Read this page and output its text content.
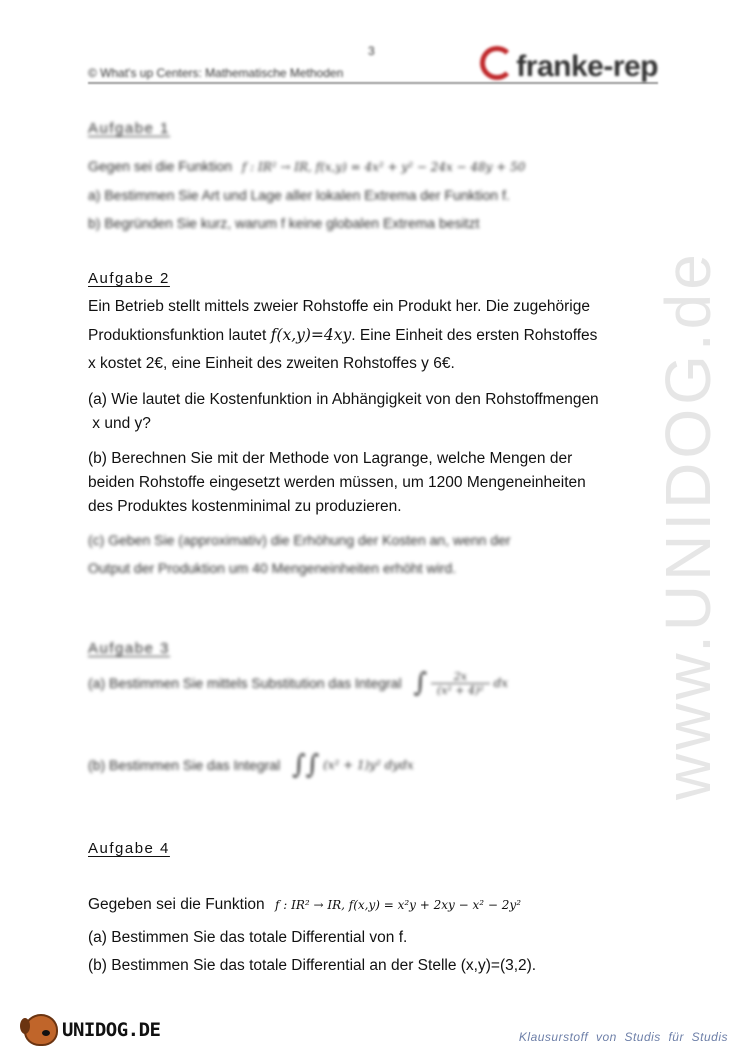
3
© What's up Centers: Mathematische Methoden	franke-rep
www.UNIDOG.de
Aufgabe 1
Gegen sei die Funktion f : IR² → IR, f(x,y) = 4x² + y² − 24x − 48y + 50
a) Bestimmen Sie Art und Lage aller lokalen Extrema der Funktion f.
b) Begründen Sie kurz, warum f keine globalen Extrema besitzt
Aufgabe 2
Ein Betrieb stellt mittels zweier Rohstoffe ein Produkt her. Die zugehörige
Produktionsfunktion lautet f(x,y)=4xy. Eine Einheit des ersten Rohstoffes
x kostet 2€, eine Einheit des zweiten Rohstoffes y 6€.
(a) Wie lautet die Kostenfunktion in Abhängigkeit von den Rohstoffmengen
x und y?
(b) Berechnen Sie mit der Methode von Lagrange, welche Mengen der
beiden Rohstoffe eingesetzt werden müssen, um 1200 Mengeneinheiten
des Produktes kostenminimal zu produzieren.
(c) Geben Sie (approximativ) die Erhöhung der Kosten an, wenn der
Output der Produktion um 40 Mengeneinheiten erhöht wird.
Aufgabe 3
(a) Bestimmen Sie mittels Substitution das Integral ∫ $\frac{2x}{\text{(x² + 4)²}}$ dx
(b) Bestimmen Sie das Integral ∫∫ (x² + 1)y² dydx
Aufgabe 4
Gegeben sei die Funktion f : IR² → IR, f(x,y) = x²y + 2xy − x² − 2y²
(a) Bestimmen Sie das totale Differential von f.
(b) Bestimmen Sie das totale Differential an der Stelle (x,y)=(3,2).
UNIDOG.DE	Klausurstoff  von  Studis  für  Studis
